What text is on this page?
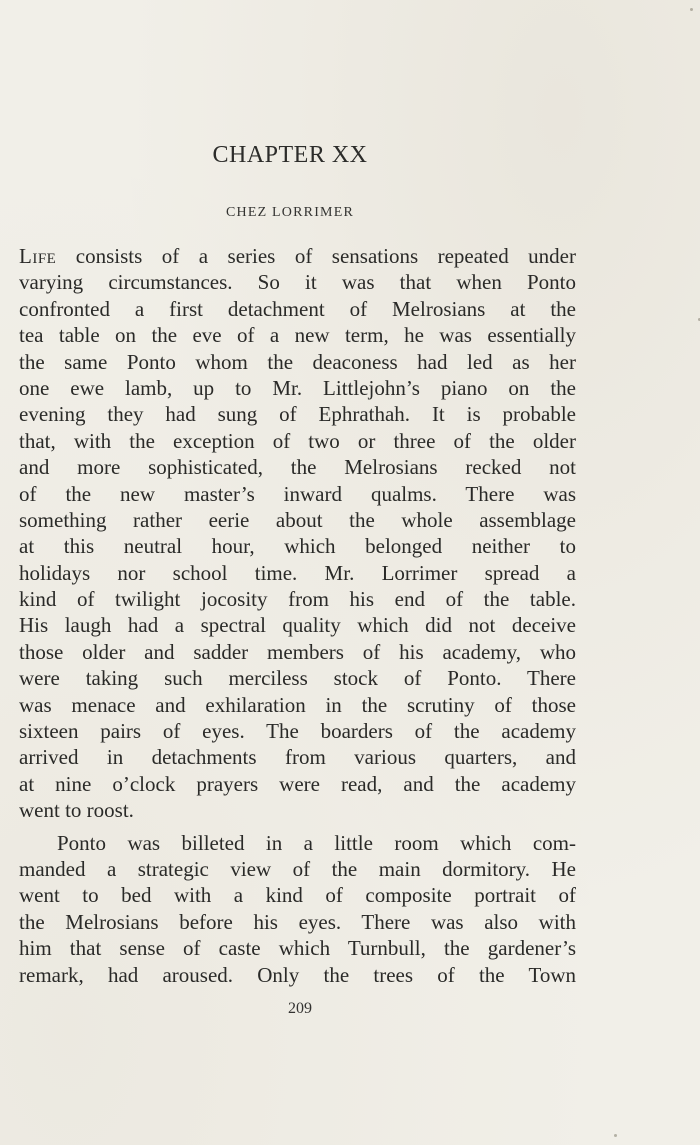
CHAPTER XX
CHEZ LORRIMER
Life consists of a series of sensations repeated under
varying circumstances. So it was that when Ponto
confronted a first detachment of Melrosians at the
tea table on the eve of a new term, he was essentially
the same Ponto whom the deaconess had led as her
one ewe lamb, up to Mr. Littlejohn’s piano on the
evening they had sung of Ephrathah. It is probable
that, with the exception of two or three of the older
and more sophisticated, the Melrosians recked not
of the new master’s inward qualms. There was
something rather eerie about the whole assemblage
at this neutral hour, which belonged neither to
holidays nor school time. Mr. Lorrimer spread a
kind of twilight jocosity from his end of the table.
His laugh had a spectral quality which did not deceive
those older and sadder members of his academy, who
were taking such merciless stock of Ponto. There
was menace and exhilaration in the scrutiny of those
sixteen pairs of eyes. The boarders of the academy
arrived in detachments from various quarters, and
at nine o’clock prayers were read, and the academy
went to roost.
Ponto was billeted in a little room which com-
manded a strategic view of the main dormitory. He
went to bed with a kind of composite portrait of
the Melrosians before his eyes. There was also with
him that sense of caste which Turnbull, the gardener’s
remark, had aroused. Only the trees of the Town
209
